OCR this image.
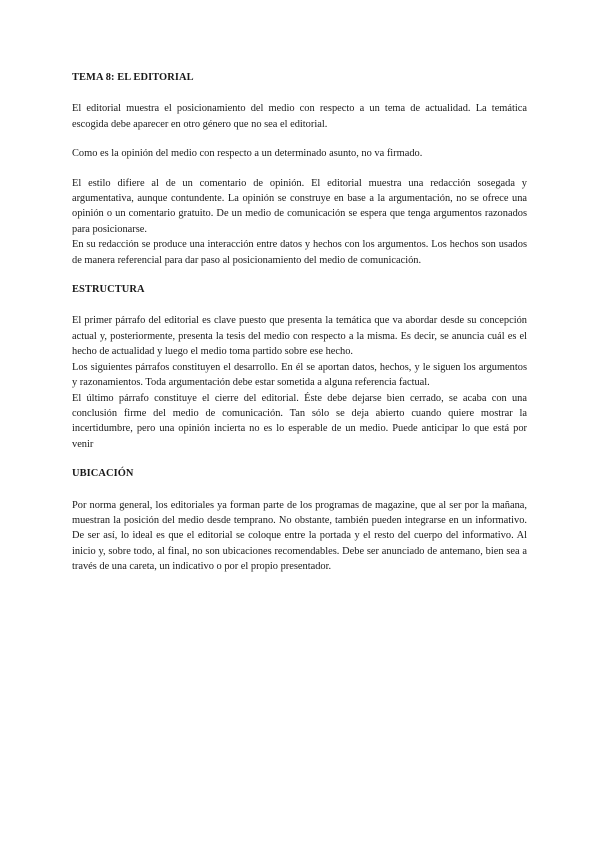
TEMA 8: EL EDITORIAL

El editorial muestra el posicionamiento del medio con respecto a un tema de actualidad. La temática escogida debe aparecer en otro género que no sea el editorial.

Como es la opinión del medio con respecto a un determinado asunto, no va firmado.

El estilo difiere al de un comentario de opinión. El editorial muestra una redacción sosegada y argumentativa, aunque contundente. La opinión se construye en base a la argumentación, no se ofrece una opinión o un comentario gratuito. De un medio de comunicación se espera que tenga argumentos razonados para posicionarse.

En su redacción se produce una interacción entre datos y hechos con los argumentos. Los hechos son usados de manera referencial para dar paso al posicionamiento del medio de comunicación.

ESTRUCTURA

El primer párrafo del editorial es clave puesto que presenta la temática que va abordar desde su concepción actual y, posteriormente, presenta la tesis del medio con respecto a la misma. Es decir, se anuncia cuál es el hecho de actualidad y luego el medio toma partido sobre ese hecho.

Los siguientes párrafos constituyen el desarrollo. En él se aportan datos, hechos, y le siguen los argumentos y razonamientos. Toda argumentación debe estar sometida a alguna referencia factual.

El último párrafo constituye el cierre del editorial. Éste debe dejarse bien cerrado, se acaba con una conclusión firme del medio de comunicación. Tan sólo se deja abierto cuando quiere mostrar la incertidumbre, pero una opinión incierta no es lo esperable de un medio. Puede anticipar lo que está por venir

UBICACIÓN

Por norma general, los editoriales ya forman parte de los programas de magazine, que al ser por la mañana, muestran la posición del medio desde temprano. No obstante, también pueden integrarse en un informativo. De ser así, lo ideal es que el editorial se coloque entre la portada y el resto del cuerpo del informativo. Al inicio y, sobre todo, al final, no son ubicaciones recomendables. Debe ser anunciado de antemano, bien sea a través de una careta, un indicativo o por el propio presentador.
